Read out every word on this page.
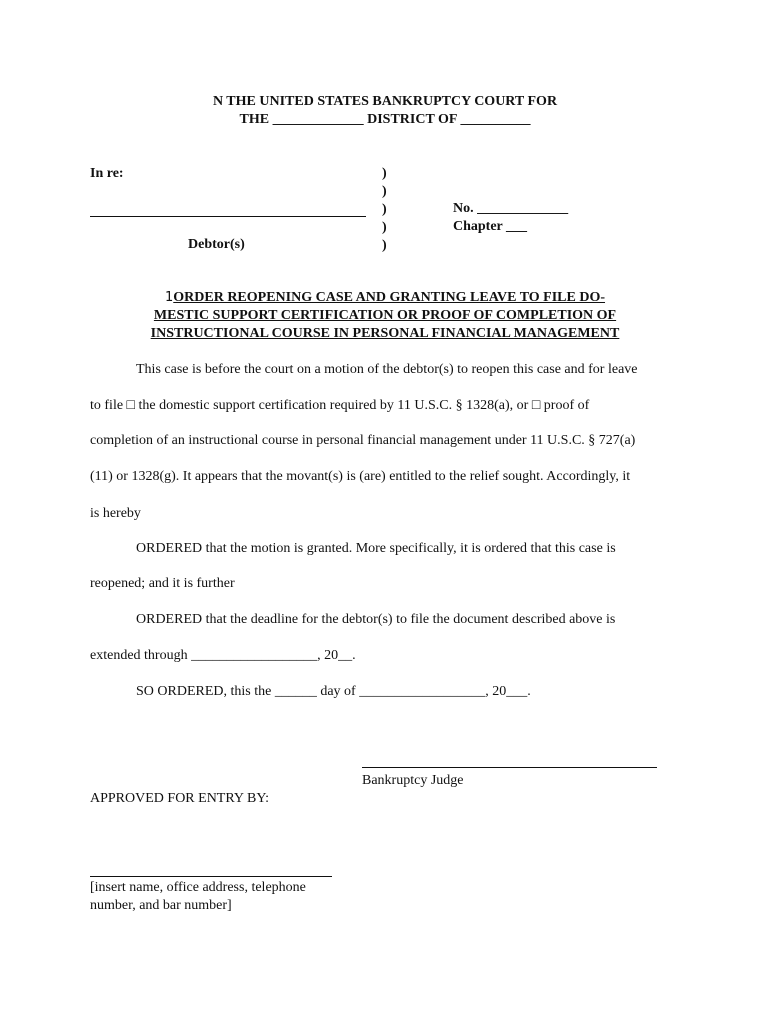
N THE UNITED STATES BANKRUPTCY COURT FOR
THE _____________ DISTRICT OF __________
In re:
Debtor(s)
)
)
)
)
)
No. _____________
Chapter ___
1ORDER REOPENING CASE AND GRANTING LEAVE TO FILE DO-
MESTIC SUPPORT CERTIFICATION OR PROOF OF COMPLETION OF
INSTRUCTIONAL COURSE IN PERSONAL FINANCIAL MANAGEMENT
This case is before the court on a motion of the debtor(s) to reopen this case and for leave
to file □ the domestic support certification required by 11 U.S.C. § 1328(a), or □ proof of
completion of an instructional course in personal financial management under 11 U.S.C. § 727(a)
(11) or 1328(g). It appears that the movant(s) is (are) entitled to the relief sought. Accordingly, it
is hereby
ORDERED that the motion is granted. More specifically, it is ordered that this case is
reopened; and it is further
ORDERED that the deadline for the debtor(s) to file the document described above is
extended through __________________, 20__.
SO ORDERED, this the ______ day of __________________, 20___.
Bankruptcy Judge
APPROVED FOR ENTRY BY:
[insert name, office address, telephone
number, and bar number]
